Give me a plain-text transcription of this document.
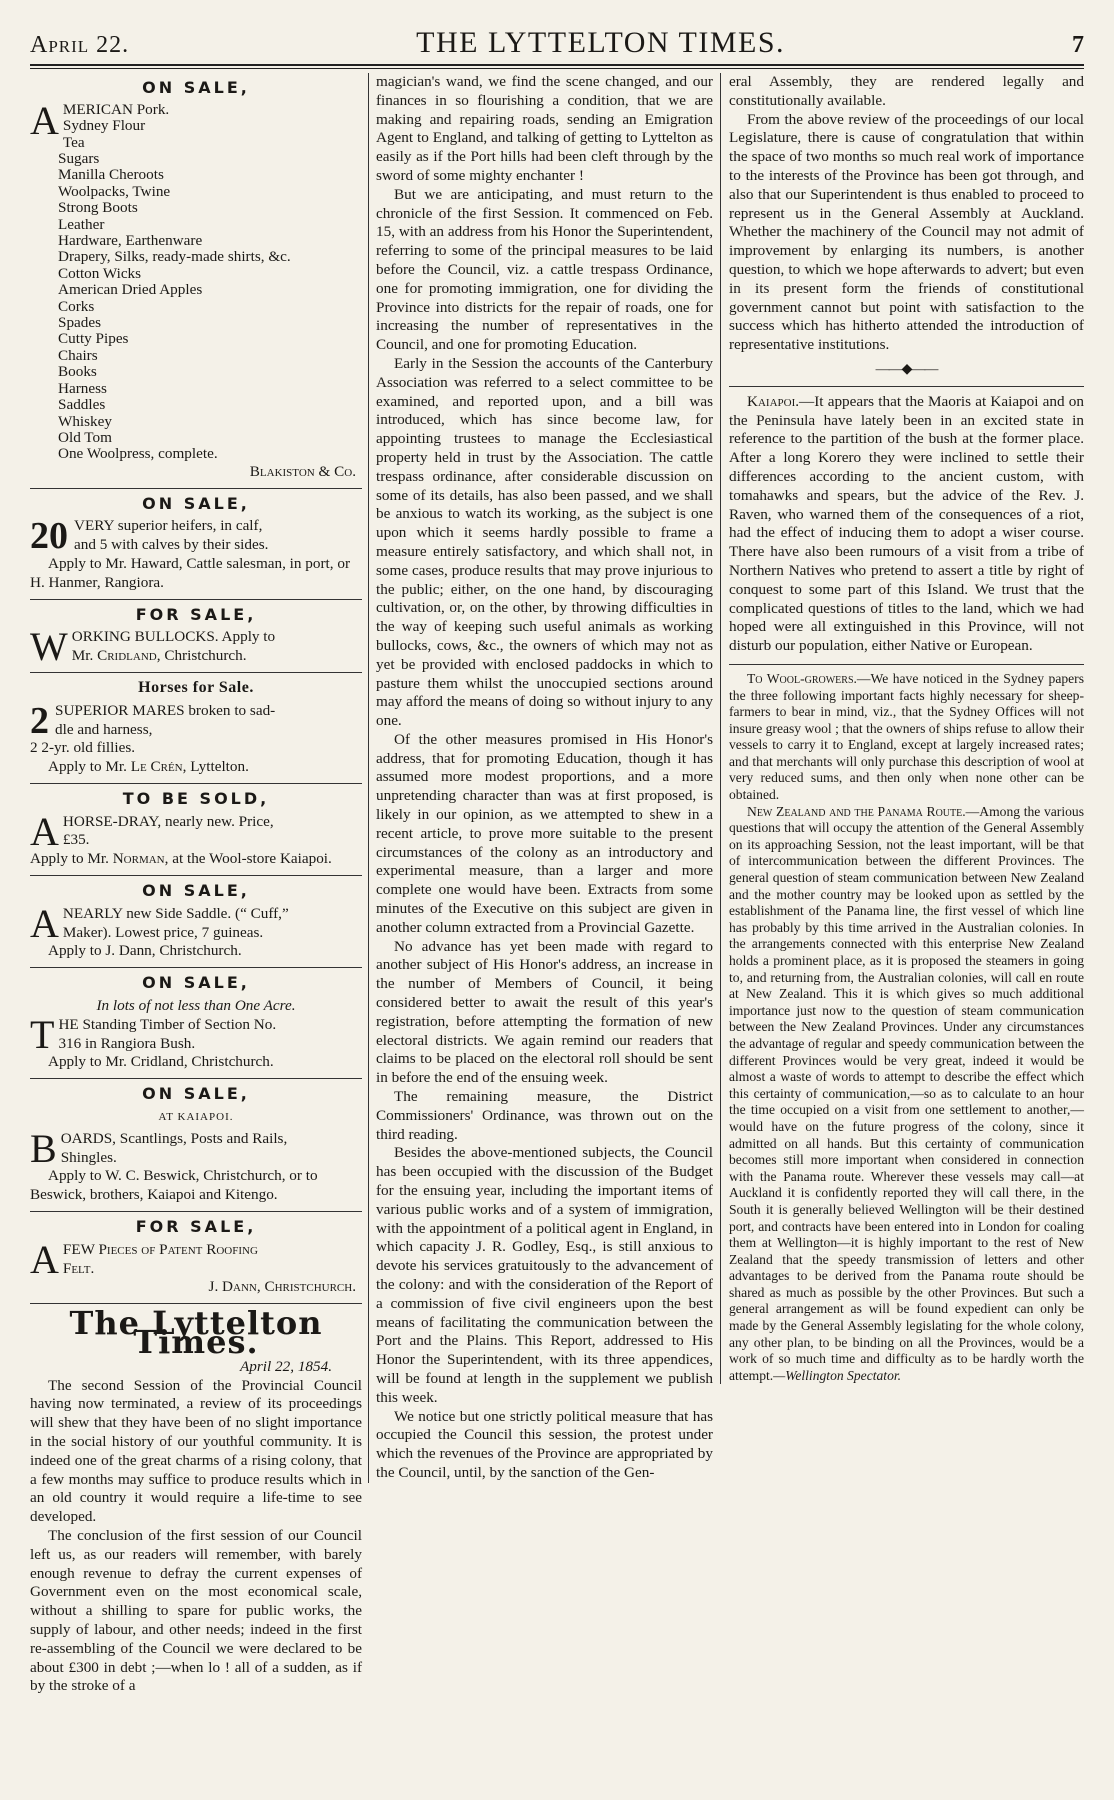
April 22.	THE LYTTELTON TIMES.	7
ON SALE,
A MERICAN Pork.
Sydney Flour
Tea
Sugars
Manilla Cheroots
Woolpacks, Twine
Strong Boots
Leather
Hardware, Earthenware
Drapery, Silks, ready-made shirts, &c.
Cotton Wicks
American Dried Apples
Corks
Spades
Cutty Pipes
Chairs
Books
Harness
Saddles
Whiskey
Old Tom
One Woolpress, complete.
Blakiston & Co.
ON SALE,
20 VERY superior heifers, in calf,
and 5 with calves by their sides.

Apply to Mr. Haward, Cattle salesman, in port, or H. Hanmer, Rangiora.

FOR SALE,
W ORKING BULLOCKS. Apply to
Mr. Cridland, Christchurch.
Horses for Sale.
2 SUPERIOR MARES broken to sad-
dle and harness,
2 2-yr. old fillies.

Apply to Mr. Le Crén, Lyttelton.

TO BE SOLD,
A HORSE-DRAY, nearly new. Price,
£35.

Apply to Mr. Norman, at the Wool-store Kaiapoi.

ON SALE,
A NEARLY new Side Saddle. (“ Cuff,”
Maker). Lowest price, 7 guineas.

Apply to J. Dann, Christchurch.

ON SALE,
In lots of not less than One Acre.
T HE Standing Timber of Section No.
316 in Rangiora Bush.

Apply to Mr. Cridland, Christchurch.

ON SALE,
AT KAIAPOI.
B OARDS, Scantlings, Posts and Rails,
Shingles.

Apply to W. C. Beswick, Christchurch, or to Beswick, brothers, Kaiapoi and Kitengo.

FOR SALE,
A FEW Pieces of Patent Roofing
Felt.
J. Dann, Christchurch.
The Lyttelton Times.
April 22, 1854.

The second Session of the Provincial Council having now terminated, a review of its proceedings will shew that they have been of no slight importance in the social history of our youthful community. It is indeed one of the great charms of a rising colony, that a few months may suffice to produce results which in an old country it would require a life-time to see developed.

The conclusion of the first session of our Council left us, as our readers will remember, with barely enough revenue to defray the current expenses of Government even on the most economical scale, without a shilling to spare for public works, the supply of labour, and other needs; indeed in the first re-assembling of the Council we were declared to be about £300 in debt ;—when lo ! all of a sudden, as if by the stroke of a

magician's wand, we find the scene changed, and our finances in so flourishing a condition, that we are making and repairing roads, sending an Emigration Agent to England, and talking of getting to Lyttelton as easily as if the Port hills had been cleft through by the sword of some mighty enchanter !

But we are anticipating, and must return to the chronicle of the first Session. It commenced on Feb. 15, with an address from his Honor the Superintendent, referring to some of the principal measures to be laid before the Council, viz. a cattle trespass Ordinance, one for promoting immigration, one for dividing the Province into districts for the repair of roads, one for increasing the number of representatives in the Council, and one for promoting Education.

Early in the Session the accounts of the Canterbury Association was referred to a select committee to be examined, and reported upon, and a bill was introduced, which has since become law, for appointing trustees to manage the Ecclesiastical property held in trust by the Association. The cattle trespass ordinance, after considerable discussion on some of its details, has also been passed, and we shall be anxious to watch its working, as the subject is one upon which it seems hardly possible to frame a measure entirely satisfactory, and which shall not, in some cases, produce results that may prove injurious to the public; either, on the one hand, by discouraging cultivation, or, on the other, by throwing difficulties in the way of keeping such useful animals as working bullocks, cows, &c., the owners of which may not as yet be provided with enclosed paddocks in which to pasture them whilst the unoccupied sections around may afford the means of doing so without injury to any one.

Of the other measures promised in His Honor's address, that for promoting Education, though it has assumed more modest proportions, and a more unpretending character than was at first proposed, is likely in our opinion, as we attempted to shew in a recent article, to prove more suitable to the present circumstances of the colony as an introductory and experimental measure, than a larger and more complete one would have been. Extracts from some minutes of the Executive on this subject are given in another column extracted from a Provincial Gazette.

No advance has yet been made with regard to another subject of His Honor's address, an increase in the number of Members of Council, it being considered better to await the result of this year's registration, before attempting the formation of new electoral districts. We again remind our readers that claims to be placed on the electoral roll should be sent in before the end of the ensuing week.

The remaining measure, the District Commissioners' Ordinance, was thrown out on the third reading.

Besides the above-mentioned subjects, the Council has been occupied with the discussion of the Budget for the ensuing year, including the important items of various public works and of a system of immigration, with the appointment of a political agent in England, in which capacity J. R. Godley, Esq., is still anxious to devote his services gratuitously to the advancement of the colony: and with the consideration of the Report of a commission of five civil engineers upon the best means of facilitating the communication between the Port and the Plains. This Report, addressed to His Honor the Superintendent, with its three appendices, will be found at length in the supplement we publish this week.

We notice but one strictly political measure that has occupied the Council this session, the protest under which the revenues of the Province are appropriated by the Council, until, by the sanction of the Gen-

eral Assembly, they are rendered legally and constitutionally available.

From the above review of the proceedings of our local Legislature, there is cause of congratulation that within the space of two months so much real work of importance to the interests of the Province has been got through, and also that our Superintendent is thus enabled to proceed to represent us in the General Assembly at Auckland. Whether the machinery of the Council may not admit of improvement by enlarging its numbers, is another question, to which we hope afterwards to advert; but even in its present form the friends of constitutional government cannot but point with satisfaction to the success which has hitherto attended the introduction of representative institutions.

——◆——

Kaiapoi.—It appears that the Maoris at Kaiapoi and on the Peninsula have lately been in an excited state in reference to the partition of the bush at the former place. After a long Korero they were inclined to settle their differences according to the ancient custom, with tomahawks and spears, but the advice of the Rev. J. Raven, who warned them of the consequences of a riot, had the effect of inducing them to adopt a wiser course. There have also been rumours of a visit from a tribe of Northern Natives who pretend to assert a title by right of conquest to some part of this Island. We trust that the complicated questions of titles to the land, which we had hoped were all extinguished in this Province, will not disturb our population, either Native or European.

To Wool-growers.—We have noticed in the Sydney papers the three following important facts highly necessary for sheep-farmers to bear in mind, viz., that the Sydney Offices will not insure greasy wool ; that the owners of ships refuse to allow their vessels to carry it to England, except at largely increased rates; and that merchants will only purchase this description of wool at very reduced sums, and then only when none other can be obtained.

New Zealand and the Panama Route.—Among the various questions that will occupy the attention of the General Assembly on its approaching Session, not the least important, will be that of intercommunication between the different Provinces. The general question of steam communication between New Zealand and the mother country may be looked upon as settled by the establishment of the Panama line, the first vessel of which line has probably by this time arrived in the Australian colonies. In the arrangements connected with this enterprise New Zealand holds a prominent place, as it is proposed the steamers in going to, and returning from, the Australian colonies, will call en route at New Zealand. This it is which gives so much additional importance just now to the question of steam communication between the New Zealand Provinces. Under any circumstances the advantage of regular and speedy communication between the different Provinces would be very great, indeed it would be almost a waste of words to attempt to describe the effect which this certainty of communication,—so as to calculate to an hour the time occupied on a visit from one settlement to another,—would have on the future progress of the colony, since it admitted on all hands. But this certainty of communication becomes still more important when considered in connection with the Panama route. Wherever these vessels may call—at Auckland it is confidently reported they will call there, in the South it is generally believed Wellington will be their destined port, and contracts have been entered into in London for coaling them at Wellington—it is highly important to the rest of New Zealand that the speedy transmission of letters and other advantages to be derived from the Panama route should be shared as much as possible by the other Provinces. But such a general arrangement as will be found expedient can only be made by the General Assembly legislating for the whole colony, any other plan, to be binding on all the Provinces, would be a work of so much time and difficulty as to be hardly worth the attempt.—Wellington Spectator.
